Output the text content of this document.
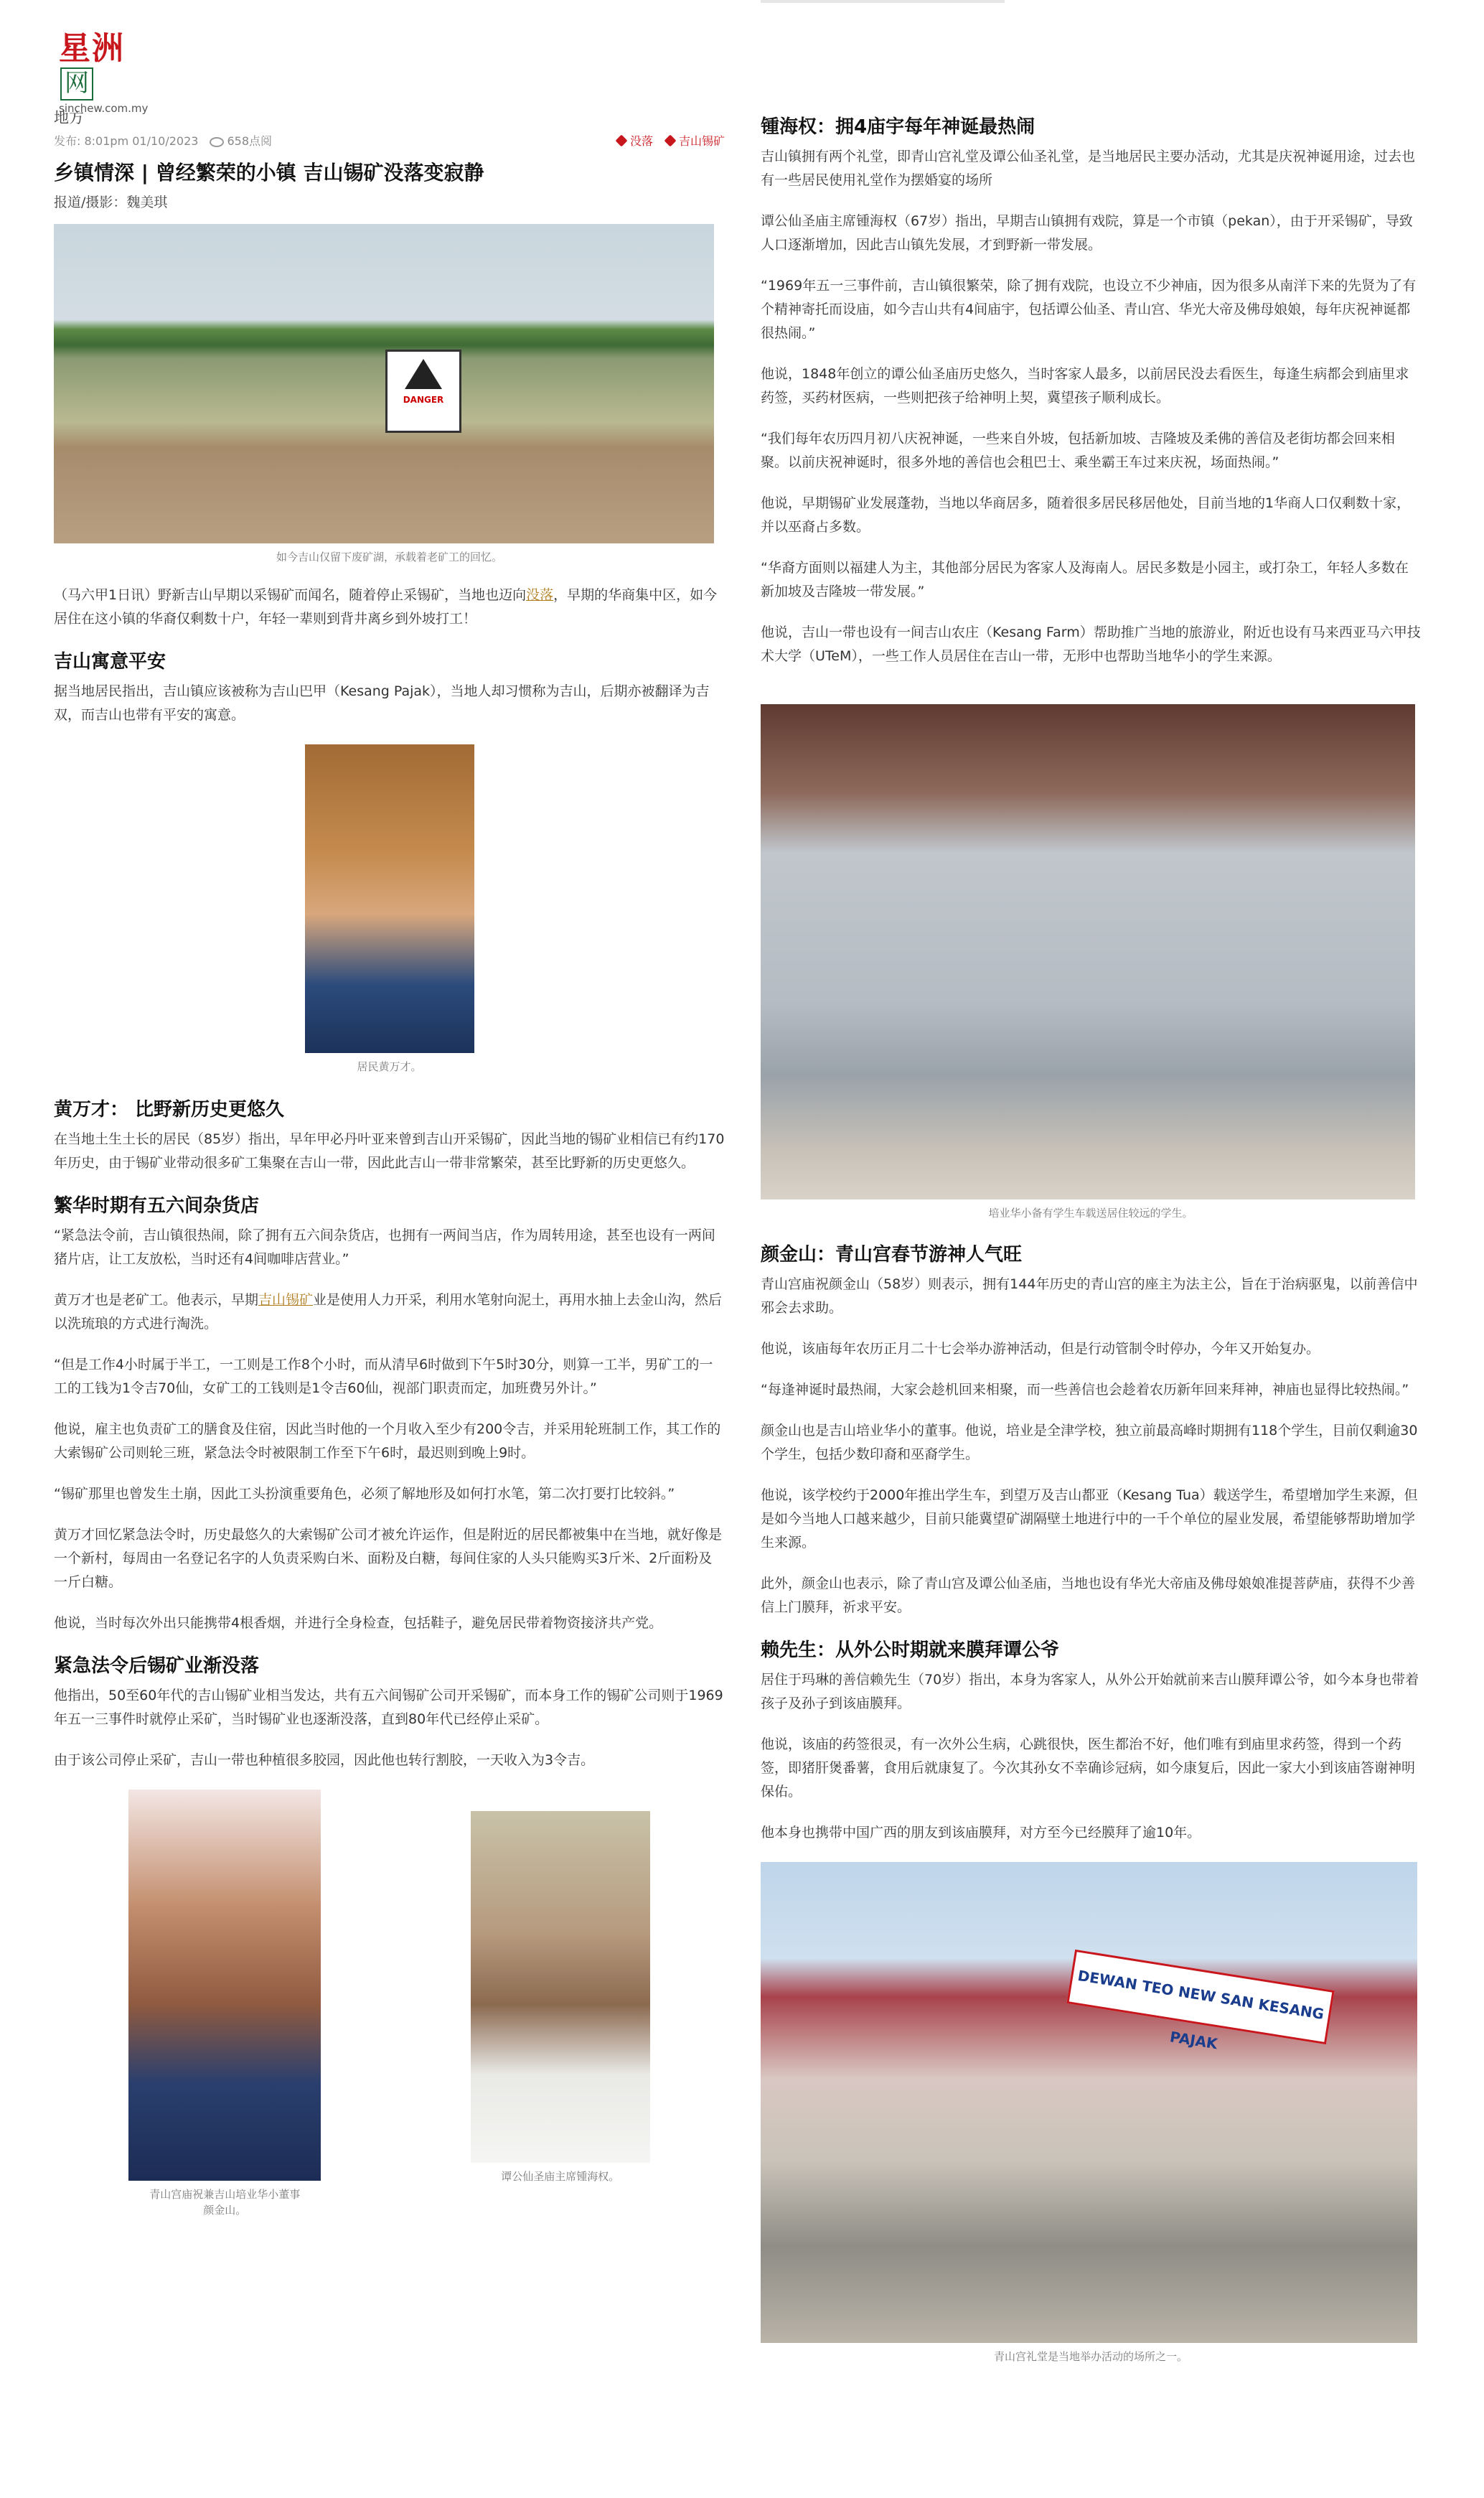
星洲网
sinchew.com.my
地方
发布: 8:01pm 01/10/2023	658点阅	没落	吉山锡矿
乡镇情深 | 曾经繁荣的小镇 吉山锡矿没落变寂静
报道/摄影：魏美琪
DANGER
如今吉山仅留下废矿湖，承载着老矿工的回忆。

（马六甲1日讯）野新吉山早期以采锡矿而闻名，随着停止采锡矿，当地也迈向没落，早期的华商集中区，如今居住在这小镇的华裔仅剩数十户，年轻一辈则到背井离乡到外坡打工！

吉山寓意平安

据当地居民指出，吉山镇应该被称为吉山巴甲（Kesang Pajak），当地人却习惯称为吉山，后期亦被翻译为吉双，而吉山也带有平安的寓意。

居民黄万才。
黄万才： 比野新历史更悠久

在当地土生土长的居民（85岁）指出，早年甲必丹叶亚来曾到吉山开采锡矿，因此当地的锡矿业相信已有约170年历史，由于锡矿业带动很多矿工集聚在吉山一带，因此此吉山一带非常繁荣，甚至比野新的历史更悠久。

繁华时期有五六间杂货店

“紧急法令前，吉山镇很热闹，除了拥有五六间杂货店，也拥有一两间当店，作为周转用途，甚至也设有一两间猪片店，让工友放松，当时还有4间咖啡店营业。”

黄万才也是老矿工。他表示，早期吉山锡矿业是使用人力开采，利用水笔射向泥土，再用水抽上去金山沟，然后以洗琉琅的方式进行淘洗。

“但是工作4小时属于半工，一工则是工作8个小时，而从清早6时做到下午5时30分，则算一工半，男矿工的一工的工钱为1令吉70仙，女矿工的工钱则是1令吉60仙，视部门职责而定，加班费另外计。”

他说，雇主也负责矿工的膳食及住宿，因此当时他的一个月收入至少有200令吉，并采用轮班制工作，其工作的大索锡矿公司则轮三班，紧急法令时被限制工作至下午6时，最迟则到晚上9时。

“锡矿那里也曾发生土崩，因此工头扮演重要角色，必须了解地形及如何打水笔，第二次打要打比较斜。”

黄万才回忆紧急法令时，历史最悠久的大索锡矿公司才被允许运作，但是附近的居民都被集中在当地，就好像是一个新村，每周由一名登记名字的人负责采购白米、面粉及白糖，每间住家的人头只能购买3斤米、2斤面粉及一斤白糖。

他说，当时每次外出只能携带4根香烟，并进行全身检查，包括鞋子，避免居民带着物资接济共产党。

紧急法令后锡矿业渐没落

他指出，50至60年代的吉山锡矿业相当发达，共有五六间锡矿公司开采锡矿，而本身工作的锡矿公司则于1969年五一三事件时就停止采矿，当时锡矿业也逐渐没落，直到80年代已经停止采矿。

由于该公司停止采矿，吉山一带也种植很多胶园，因此他也转行割胶，一天收入为3令吉。

青山宫庙祝兼吉山培业华小董事
颜金山。
谭公仙圣庙主席锺海权。
锺海权：拥4庙宇每年神诞最热闹

吉山镇拥有两个礼堂，即青山宫礼堂及谭公仙圣礼堂，是当地居民主要办活动，尤其是庆祝神诞用途，过去也有一些居民使用礼堂作为摆婚宴的场所

谭公仙圣庙主席锺海权（67岁）指出，早期吉山镇拥有戏院，算是一个市镇（pekan），由于开采锡矿，导致人口逐渐增加，因此吉山镇先发展，才到野新一带发展。

“1969年五一三事件前，吉山镇很繁荣，除了拥有戏院，也设立不少神庙，因为很多从南洋下来的先贤为了有个精神寄托而设庙，如今吉山共有4间庙宇，包括谭公仙圣、青山宫、华光大帝及佛母娘娘，每年庆祝神诞都很热闹。”

他说，1848年创立的谭公仙圣庙历史悠久，当时客家人最多，以前居民没去看医生，每逢生病都会到庙里求药签，买药材医病，一些则把孩子给神明上契，冀望孩子顺利成长。

“我们每年农历四月初八庆祝神诞，一些来自外坡，包括新加坡、吉隆坡及柔佛的善信及老街坊都会回来相聚。以前庆祝神诞时，很多外地的善信也会租巴士、乘坐霸王车过来庆祝，场面热闹。”

他说，早期锡矿业发展蓬勃，当地以华商居多，随着很多居民移居他处，目前当地的1华商人口仅剩数十家，并以巫裔占多数。

“华裔方面则以福建人为主，其他部分居民为客家人及海南人。居民多数是小园主，或打杂工，年轻人多数在新加坡及吉隆坡一带发展。”

他说，吉山一带也设有一间吉山农庄（Kesang Farm）帮助推广当地的旅游业，附近也设有马来西亚马六甲技术大学（UTeM），一些工作人员居住在吉山一带，无形中也帮助当地华小的学生来源。

培业华小备有学生车载送居住较远的学生。
颜金山：青山宫春节游神人气旺

青山宫庙祝颜金山（58岁）则表示，拥有144年历史的青山宫的座主为法主公，旨在于治病驱鬼，以前善信中邪会去求助。

他说，该庙每年农历正月二十七会举办游神活动，但是行动管制令时停办，今年又开始复办。

“每逢神诞时最热闹，大家会趁机回来相聚，而一些善信也会趁着农历新年回来拜神，神庙也显得比较热闹。”

颜金山也是吉山培业华小的董事。他说，培业是全津学校，独立前最高峰时期拥有118个学生，目前仅剩逾30个学生，包括少数印裔和巫裔学生。

他说，该学校约于2000年推出学生车，到望万及吉山都亚（Kesang Tua）载送学生，希望增加学生来源，但是如今当地人口越来越少，目前只能冀望矿湖隔壁土地进行中的一千个单位的屋业发展，希望能够帮助增加学生来源。

此外，颜金山也表示，除了青山宫及谭公仙圣庙，当地也设有华光大帝庙及佛母娘娘准提菩萨庙，获得不少善信上门膜拜，祈求平安。

赖先生：从外公时期就来膜拜谭公爷

居住于玛琳的善信赖先生（70岁）指出，本身为客家人，从外公开始就前来吉山膜拜谭公爷，如今本身也带着孩子及孙子到该庙膜拜。

他说，该庙的药签很灵，有一次外公生病，心跳很快，医生都治不好，他们唯有到庙里求药签，得到一个药签，即猪肝煲番薯，食用后就康复了。今次其孙女不幸确诊冠病，如今康复后，因此一家大小到该庙答谢神明保佑。

他本身也携带中国广西的朋友到该庙膜拜，对方至今已经膜拜了逾10年。

DEWAN TEO NEW SAN KESANG PAJAK
青山宫礼堂是当地举办活动的场所之一。
